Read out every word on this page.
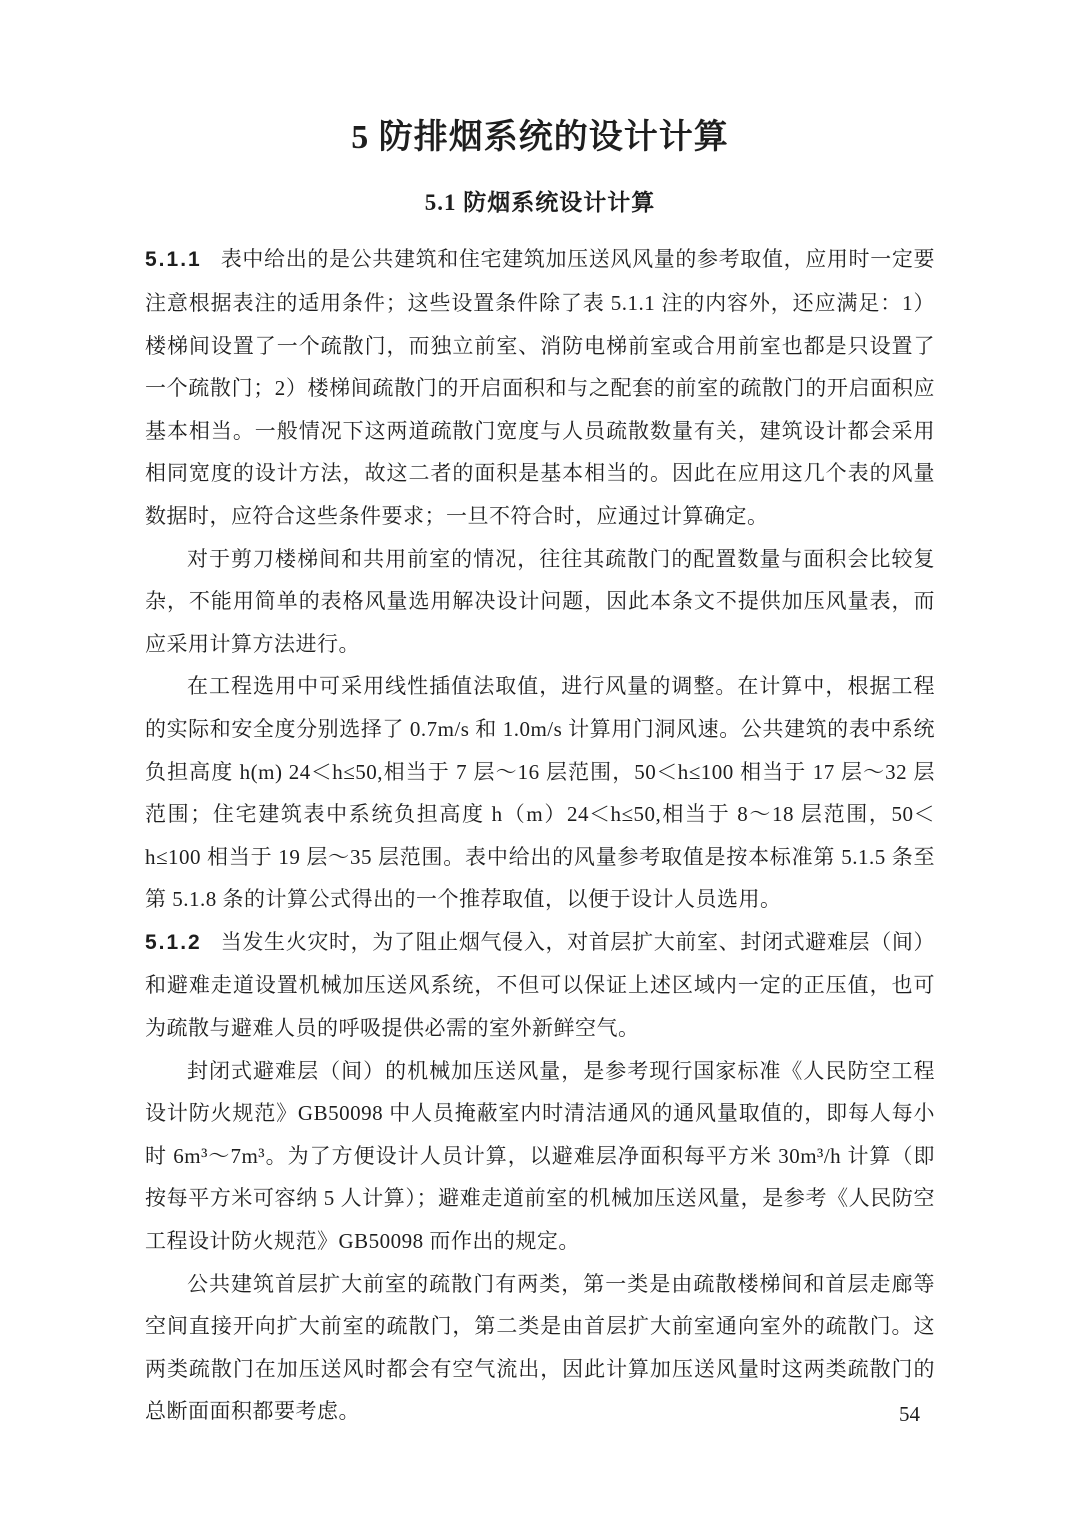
5 防排烟系统的设计计算
5.1 防烟系统设计计算

5.1.1 表中给出的是公共建筑和住宅建筑加压送风风量的参考取值，应用时一定要注意根据表注的适用条件；这些设置条件除了表 5.1.1 注的内容外，还应满足：1）楼梯间设置了一个疏散门，而独立前室、消防电梯前室或合用前室也都是只设置了一个疏散门；2）楼梯间疏散门的开启面积和与之配套的前室的疏散门的开启面积应基本相当。一般情况下这两道疏散门宽度与人员疏散数量有关，建筑设计都会采用相同宽度的设计方法，故这二者的面积是基本相当的。因此在应用这几个表的风量数据时，应符合这些条件要求；一旦不符合时，应通过计算确定。

对于剪刀楼梯间和共用前室的情况，往往其疏散门的配置数量与面积会比较复杂，不能用简单的表格风量选用解决设计问题，因此本条文不提供加压风量表，而应采用计算方法进行。

在工程选用中可采用线性插值法取值，进行风量的调整。在计算中，根据工程的实际和安全度分别选择了 0.7m/s 和 1.0m/s 计算用门洞风速。公共建筑的表中系统负担高度 h(m) 24＜h≤50,相当于 7 层～16 层范围，50＜h≤100 相当于 17 层～32 层范围；住宅建筑表中系统负担高度 h（m）24＜h≤50,相当于 8～18 层范围，50＜h≤100 相当于 19 层～35 层范围。表中给出的风量参考取值是按本标准第 5.1.5 条至第 5.1.8 条的计算公式得出的一个推荐取值，以便于设计人员选用。

5.1.2 当发生火灾时，为了阻止烟气侵入，对首层扩大前室、封闭式避难层（间）和避难走道设置机械加压送风系统，不但可以保证上述区域内一定的正压值，也可为疏散与避难人员的呼吸提供必需的室外新鲜空气。

封闭式避难层（间）的机械加压送风量，是参考现行国家标准《人民防空工程设计防火规范》GB50098 中人员掩蔽室内时清洁通风的通风量取值的，即每人每小时 6m³～7m³。为了方便设计人员计算，以避难层净面积每平方米 30m³/h 计算（即按每平方米可容纳 5 人计算）；避难走道前室的机械加压送风量，是参考《人民防空工程设计防火规范》GB50098 而作出的规定。

公共建筑首层扩大前室的疏散门有两类，第一类是由疏散楼梯间和首层走廊等空间直接开向扩大前室的疏散门，第二类是由首层扩大前室通向室外的疏散门。这两类疏散门在加压送风时都会有空气流出，因此计算加压送风量时这两类疏散门的总断面面积都要考虑。	54
